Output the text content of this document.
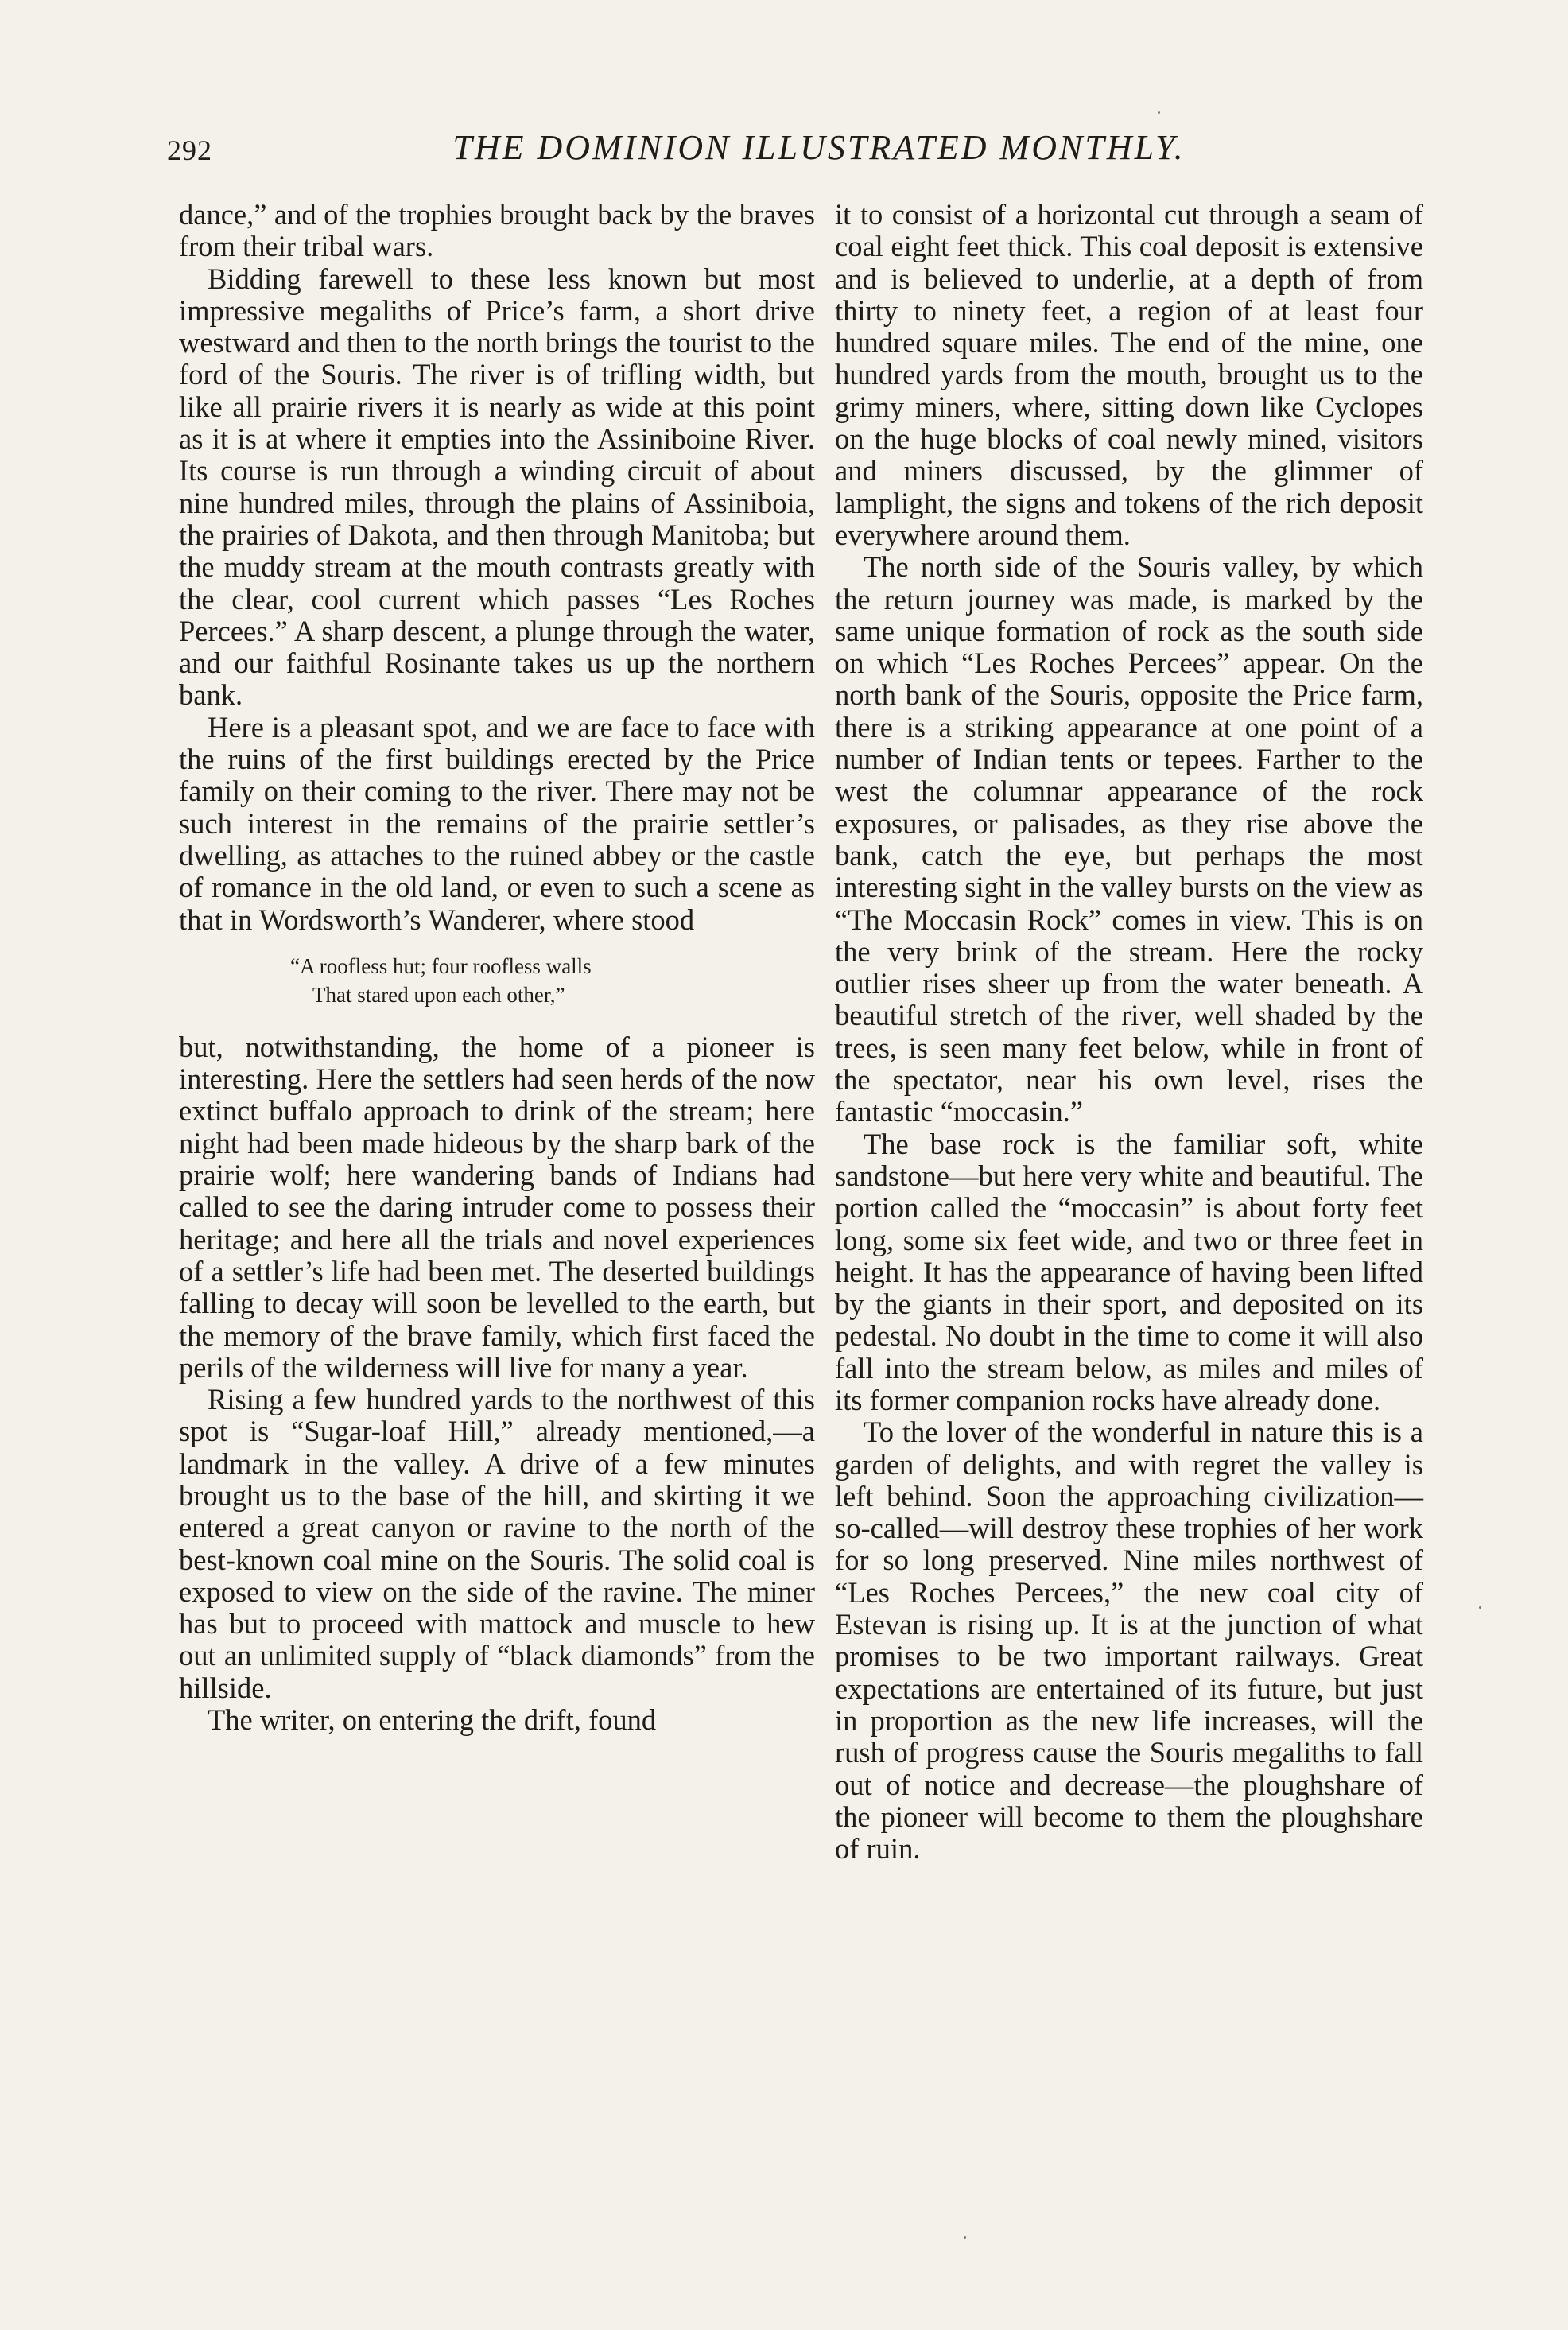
292	THE DOMINION ILLUSTRATED MONTHLY.

dance,” and of the trophies brought back by the braves from their tribal wars.

Bidding farewell to these less known but most impressive megaliths of Price’s farm, a short drive westward and then to the north brings the tourist to the ford of the Souris. The river is of trifling width, but like all prairie rivers it is nearly as wide at this point as it is at where it empties into the Assiniboine River. Its course is run through a winding circuit of about nine hundred miles, through the plains of Assiniboia, the prairies of Dakota, and then through Manitoba; but the muddy stream at the mouth contrasts greatly with the clear, cool current which passes “Les Roches Percees.” A sharp descent, a plunge through the water, and our faithful Rosinante takes us up the northern bank.

Here is a pleasant spot, and we are face to face with the ruins of the first buildings erected by the Price family on their coming to the river. There may not be such interest in the remains of the prairie settler’s dwelling, as attaches to the ruined abbey or the castle of romance in the old land, or even to such a scene as that in Wordsworth’s Wanderer, where stood

“A roofless hut; four roofless walls
That stared upon each other,”

but, notwithstanding, the home of a pioneer is interesting. Here the settlers had seen herds of the now extinct buffalo approach to drink of the stream; here night had been made hideous by the sharp bark of the prairie wolf; here wandering bands of Indians had called to see the daring intruder come to possess their heritage; and here all the trials and novel experiences of a settler’s life had been met. The deserted buildings falling to decay will soon be levelled to the earth, but the memory of the brave family, which first faced the perils of the wilderness will live for many a year.

Rising a few hundred yards to the northwest of this spot is “Sugar-loaf Hill,” already mentioned,—a landmark in the valley. A drive of a few minutes brought us to the base of the hill, and skirting it we entered a great canyon or ravine to the north of the best-known coal mine on the Souris. The solid coal is exposed to view on the side of the ravine. The miner has but to proceed with mattock and muscle to hew out an unlimited supply of “black diamonds” from the hillside.

The writer, on entering the drift, found

it to consist of a horizontal cut through a seam of coal eight feet thick. This coal deposit is extensive and is believed to underlie, at a depth of from thirty to ninety feet, a region of at least four hundred square miles. The end of the mine, one hundred yards from the mouth, brought us to the grimy miners, where, sitting down like Cyclopes on the huge blocks of coal newly mined, visitors and miners discussed, by the glimmer of lamplight, the signs and tokens of the rich deposit everywhere around them.

The north side of the Souris valley, by which the return journey was made, is marked by the same unique formation of rock as the south side on which “Les Roches Percees” appear. On the north bank of the Souris, opposite the Price farm, there is a striking appearance at one point of a number of Indian tents or tepees. Farther to the west the columnar appearance of the rock exposures, or palisades, as they rise above the bank, catch the eye, but perhaps the most interesting sight in the valley bursts on the view as “The Moccasin Rock” comes in view. This is on the very brink of the stream. Here the rocky outlier rises sheer up from the water beneath. A beautiful stretch of the river, well shaded by the trees, is seen many feet below, while in front of the spectator, near his own level, rises the fantastic “moccasin.”

The base rock is the familiar soft, white sandstone—but here very white and beautiful. The portion called the “moccasin” is about forty feet long, some six feet wide, and two or three feet in height. It has the appearance of having been lifted by the giants in their sport, and deposited on its pedestal. No doubt in the time to come it will also fall into the stream below, as miles and miles of its former companion rocks have already done.

To the lover of the wonderful in nature this is a garden of delights, and with regret the valley is left behind. Soon the approaching civilization—so-called—will destroy these trophies of her work for so long preserved. Nine miles northwest of “Les Roches Percees,” the new coal city of Estevan is rising up. It is at the junction of what promises to be two important railways. Great expectations are entertained of its future, but just in proportion as the new life increases, will the rush of progress cause the Souris megaliths to fall out of notice and decrease—the ploughshare of the pioneer will become to them the ploughshare of ruin.
